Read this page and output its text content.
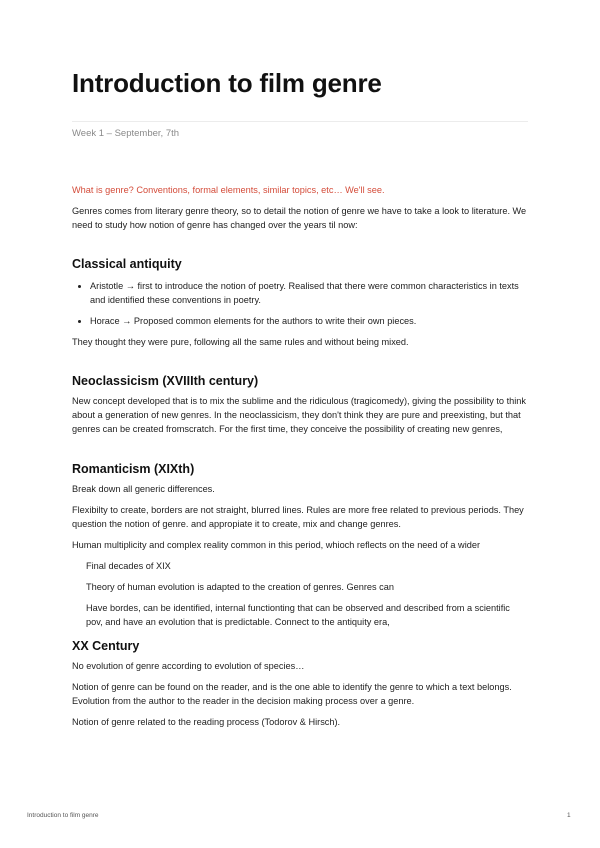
Introduction to film genre
Week 1 – September, 7th

What is genre? Conventions, formal elements, similar topics, etc… We'll see.

Genres comes from literary genre theory, so to detail the notion of genre we have to take a look to literature. We need to study how notion of genre has changed over the years til now:

Classical antiquity
• Aristotle → first to introduce the notion of poetry. Realised that there were common characteristics in texts and identified these conventions in poetry.
• Horace → Proposed common elements for the authors to write their own pieces.

They thought they were pure, following all the same rules and without being mixed.

Neoclassicism (XVIIIth century)

New concept developed that is to mix the sublime and the ridiculous (tragicomedy), giving the possibility to think about a generation of new genres. In the neoclassicism, they don't think they are pure and preexisting, but that genres can be created fromscratch. For the first time, they conceive the possibility of creating new genres,

Romanticism (XIXth)

Break down all generic differences.

Flexibilty to create, borders are not straight, blurred lines. Rules are more free related to previous periods. They question the notion of genre. and appropiate it to create, mix and change genres.

Human multiplicity and complex reality common in this period, whioch reflects on the need of a wider

Final decades of XIX

Theory of human evolution is adapted to the creation of genres. Genres can

Have bordes, can be identified, internal functionting that can be observed and described from a scientific pov, and have an evolution that is predictable. Connect to the antiquity era,

XX Century

No evolution of genre according to evolution of species…

Notion of genre can be found on the reader, and is the one able to identify the genre to which a text belongs. Evolution from the author to the reader in the decision making process over a genre.

Notion of genre related to the reading process (Todorov & Hirsch).

Introduction to film genre	1
